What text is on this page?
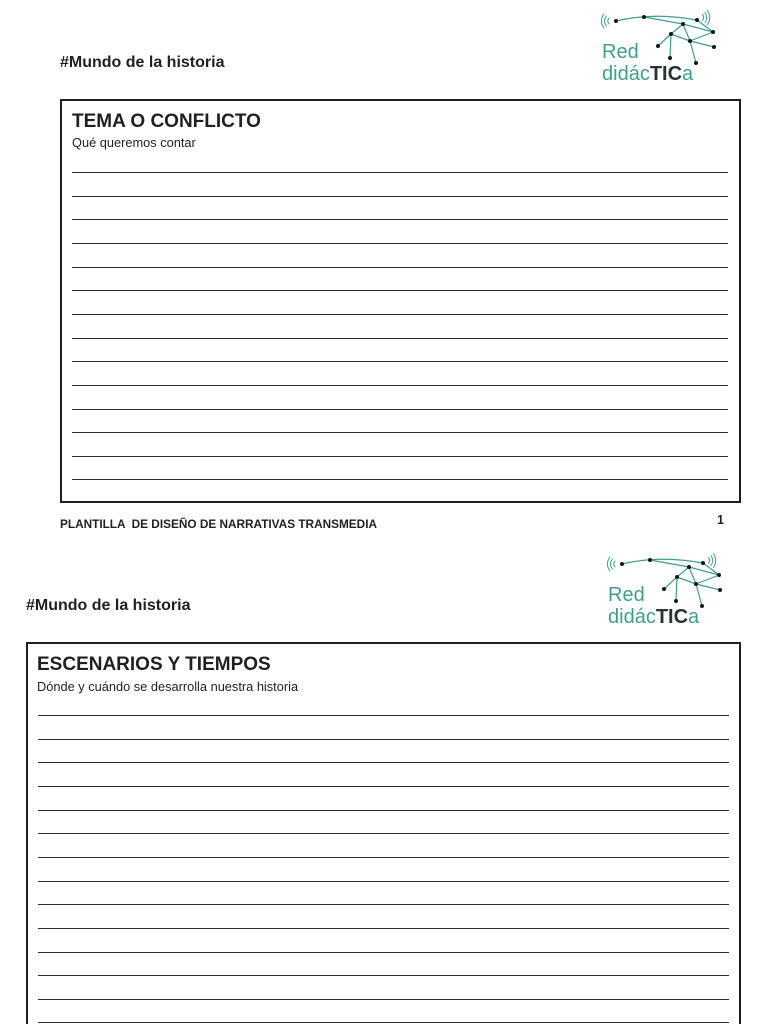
#Mundo de la historia	Red
didácTICa
TEMA O CONFLICTO
Qué queremos contar
PLANTILLA  DE DISEÑO DE NARRATIVAS TRANSMEDIA	1
#Mundo de la historia	Red
didácTICa
ESCENARIOS Y TIEMPOS
Dónde y cuándo se desarrolla nuestra historia
